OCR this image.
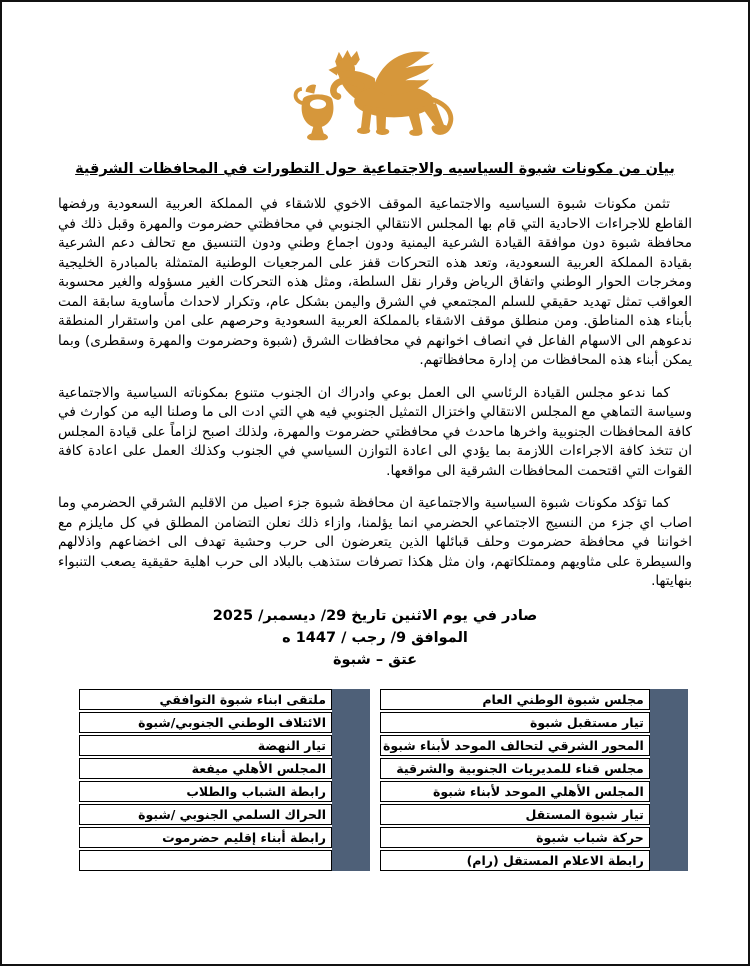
بيان من مكونات شبوة السياسيه والاجتماعية حول التطورات في المحافظات الشرقية

تثمن مكونات شبوة السياسيه والاجتماعية الموقف الاخوي للاشقاء في المملكة العربية السعودية ورفضها القاطع للاجراءات الاحادية التي قام بها المجلس الانتقالي الجنوبي في محافظتي حضرموت والمهرة وقبل ذلك في محافظة شبوة دون موافقة القيادة الشرعية اليمنية ودون اجماع وطني ودون التنسيق مع تحالف دعم الشرعية بقيادة المملكة العربية السعودية، وتعد هذه التحركات قفز على المرجعيات الوطنية المتمثلة بالمبادرة الخليجية ومخرجات الحوار الوطني واتفاق الرياض وقرار نقل السلطة، ومثل هذه التحركات الغير مسؤوله والغير محسوبة العواقب تمثل تهديد حقيقي للسلم المجتمعي في الشرق واليمن بشكل عام، وتكرار لاحداث مأساوية سابقة المت بأبناء هذه المناطق. ومن منطلق موقف الاشقاء بالمملكة العربية السعودية وحرصهم على امن واستقرار المنطقة ندعوهم الى الاسهام الفاعل في انصاف اخوانهم في محافظات الشرق (شبوة وحضرموت والمهرة وسقطرى) وبما يمكن أبناء هذه المحافظات من إدارة محافظاتهم.

كما ندعو مجلس القيادة الرئاسي الى العمل بوعي وادراك ان الجنوب متنوع بمكوناته السياسية والاجتماعية وسياسة التماهي مع المجلس الانتقالي واختزال التمثيل الجنوبي فيه هي التي ادت الى ما وصلنا اليه من كوارث في كافة المحافظات الجنوبية واخرها ماحدث في محافظتي حضرموت والمهرة، ولذلك اصبح لزاماً على قيادة المجلس ان تتخذ كافة الاجراءات اللازمة بما يؤدي الى اعادة التوازن السياسي في الجنوب وكذلك العمل على اعادة كافة القوات التي اقتحمت المحافظات الشرقية الى مواقعها.

كما تؤكد مكونات شبوة السياسية والاجتماعية ان محافظة شبوة جزء اصيل من الاقليم الشرقي الحضرمي وما اصاب اي جزء من النسيج الاجتماعي الحضرمي انما يؤلمنا، وازاء ذلك نعلن التضامن المطلق في كل مايلزم مع اخواننا في محافظة حضرموت وحلف قبائلها الذين يتعرضون الى حرب وحشية تهدف الى اخضاعهم واذلالهم والسيطرة على مثاويهم وممتلكاتهم، وان مثل هكذا تصرفات ستذهب بالبلاد الى حرب اهلية حقيقية يصعب التنبواء بنهايتها.

صادر في يوم الاثنين تاريخ 29/ ديسمبر/ 2025
الموافق 9/ رجب / 1447 ه
عتق – شبوة
مجلس شبوة الوطني العام
تيار مستقبل شبوة
المحور الشرقي لتحالف الموحد لأبناء شبوة
مجلس قناء للمديريات الجنوبية والشرقية
المجلس الأهلي الموحد لأبناء شبوة
تيار شبوة المستقل
حركة شباب شبوة
رابطة الاعلام المستقل (رام)
ملتقى ابناء شبوة التوافقي
الائتلاف الوطني الجنوبي/شبوة
تيار النهضة
المجلس الأهلي ميفعة
رابطة الشباب والطلاب
الحراك السلمي الجنوبي /شبوة
رابطة أبناء إقليم حضرموت
